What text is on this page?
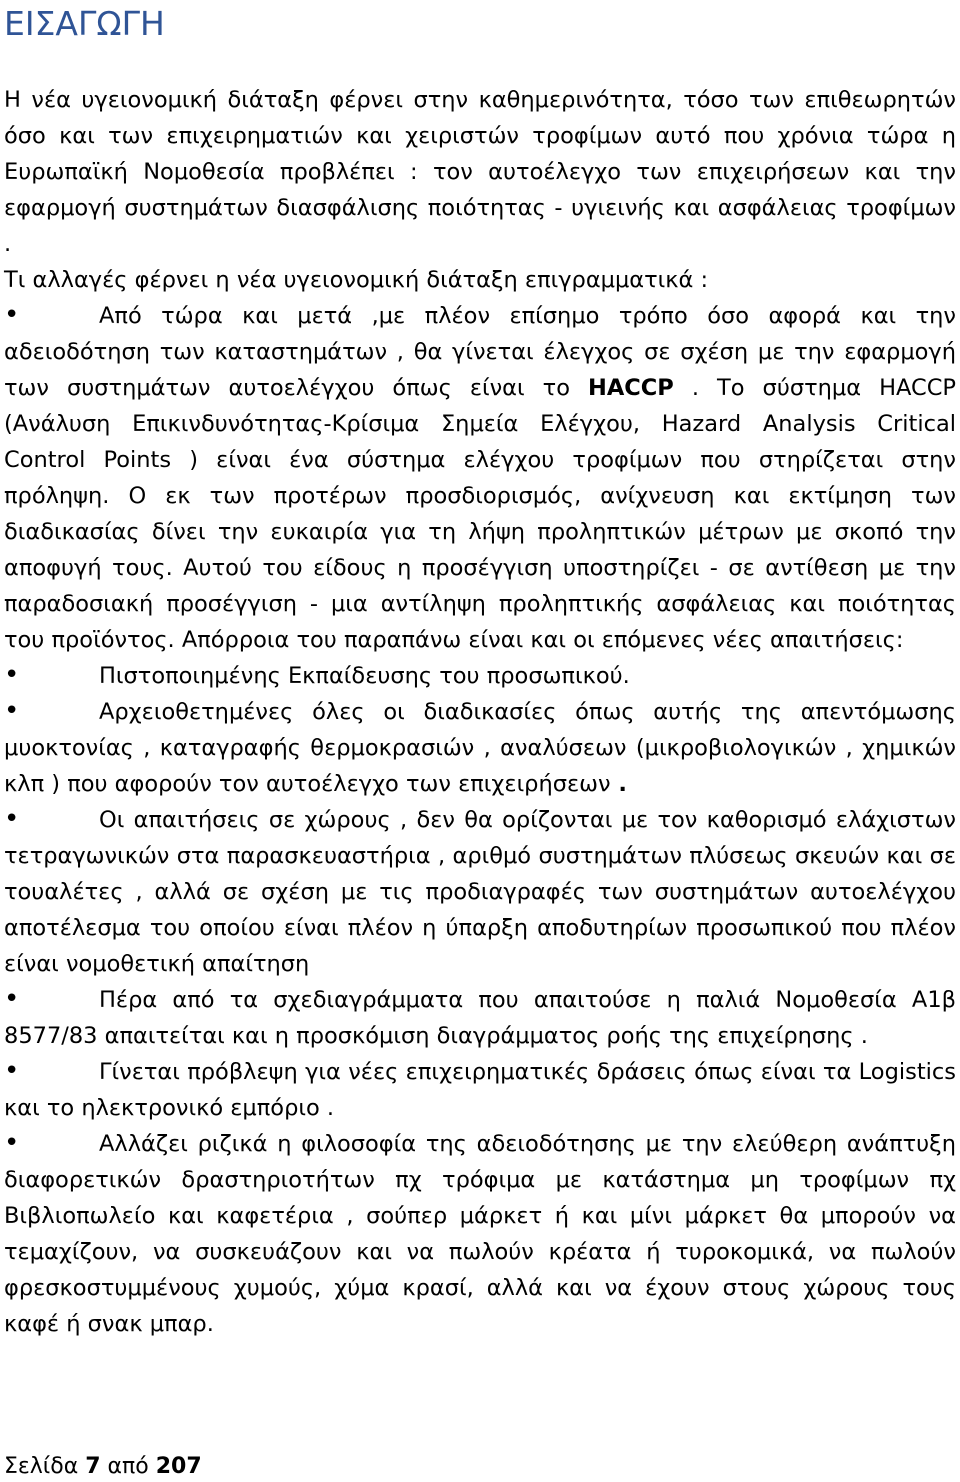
ΕΙΣΑΓΩΓΗ

Η νέα υγειονομική διάταξη φέρνει στην καθημερινότητα, τόσο των επιθεωρητών όσο και των επιχειρηματιών και χειριστών τροφίμων αυτό που χρόνια τώρα η Ευρωπαϊκή Νομοθεσία προβλέπει : τον αυτοέλεγχο των επιχειρήσεων και την εφαρμογή συστημάτων διασφάλισης ποιότητας - υγιεινής και ασφάλειας τροφίμων .

Τι αλλαγές φέρνει η νέα υγειονομική διάταξη επιγραμματικά :

•Από τώρα και μετά ,με πλέον επίσημο τρόπο όσο αφορά και την αδειοδότηση των καταστημάτων , θα γίνεται έλεγχος σε σχέση με την εφαρμογή των συστημάτων αυτοελέγχου όπως είναι το HACCP . Το σύστημα HACCP (Ανάλυση Επικινδυνότητας-Κρίσιμα Σημεία Ελέγχου, Hazard Analysis Critical Control Points ) είναι ένα σύστημα ελέγχου τροφίμων που στηρίζεται στην πρόληψη. Ο εκ των προτέρων προσδιορισμός, ανίχνευση και εκτίμηση των διαδικασίας δίνει την ευκαιρία για τη λήψη προληπτικών μέτρων με σκοπό την αποφυγή τους. Αυτού του είδους η προσέγγιση υποστηρίζει - σε αντίθεση με την παραδοσιακή προσέγγιση - μια αντίληψη προληπτικής ασφάλειας και ποιότητας του προϊόντος. Απόρροια του παραπάνω είναι και οι επόμενες νέες απαιτήσεις:

•Πιστοποιημένης Εκπαίδευσης του προσωπικού.

•Αρχειοθετημένες όλες οι διαδικασίες όπως αυτής της απεντόμωσης μυοκτονίας , καταγραφής θερμοκρασιών , αναλύσεων (μικροβιολογικών , χημικών κλπ ) που αφορούν τον αυτοέλεγχο των επιχειρήσεων .

•Οι απαιτήσεις σε χώρους , δεν θα ορίζονται με τον καθορισμό ελάχιστων τετραγωνικών στα παρασκευαστήρια , αριθμό συστημάτων πλύσεως σκευών και σε τουαλέτες , αλλά σε σχέση με τις προδιαγραφές των συστημάτων αυτοελέγχου αποτέλεσμα του οποίου είναι πλέον η ύπαρξη αποδυτηρίων προσωπικού που πλέον είναι νομοθετική απαίτηση

•Πέρα από τα σχεδιαγράμματα που απαιτούσε η παλιά Νομοθεσία Α1β 8577/83 απαιτείται και η προσκόμιση διαγράμματος ροής της επιχείρησης .

•Γίνεται πρόβλεψη για νέες επιχειρηματικές δράσεις όπως είναι τα Logistics και το ηλεκτρονικό εμπόριο .

•Αλλάζει ριζικά η φιλοσοφία της αδειοδότησης με την ελεύθερη ανάπτυξη διαφορετικών δραστηριοτήτων πχ τρόφιμα με κατάστημα μη τροφίμων πχ Βιβλιοπωλείο και καφετέρια , σούπερ μάρκετ ή και μίνι μάρκετ θα μπορούν να τεμαχίζουν, να συσκευάζουν και να πωλούν κρέατα ή τυροκομικά, να πωλούν φρεσκοστυμμένους χυμούς, χύμα κρασί, αλλά και να έχουν στους χώρους τους καφέ ή σνακ μπαρ.

Σελίδα 7 από 207
